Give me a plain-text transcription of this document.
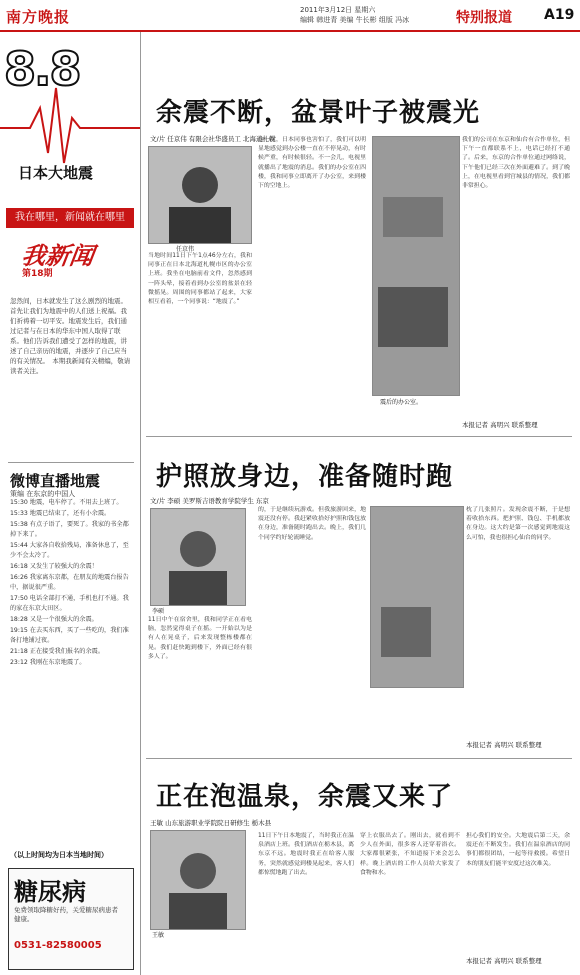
南方晚报	2011年3月12日 星期六
编辑 韩进青 美编 牛长彬 组版 冯冰	特别报道 A19
8.8
日本大地震
我在哪里，新闻就在哪里
我新闻
第18期
忽然间，日本就发生了这么剧烈的地震。首先让我们为地震中的人们送上祝福。我们祈祷着一切平安。地震发生后，我们通过记者与在日本的华东中国人取得了联系。他们告诉我们遭受了怎样的地震，讲述了自己亲历的地震，并逐步了自己应当的有关情况。　本期我新闻有关精编，敬请读者关注。
微博直播地震
策编 在东京的中国人
15:30 地震，电车停了。不用去上班了。
15:33 地震已结束了，还有小余震。
15:38 有点子语了，要死了。我家的书全都掉下来了。
15:44 大家各自收拾残局，准备休息了，至少不会太冷了。
16:18 又发生了较强大的余震！
16:26 我家离东京都，在朋友的地震台报告中，据说很严重。
17:50 电话全部打不通，手机也打不通。我的家在东京大田区。
18:28 又是一个很强大的余震。
19:15 在去买东西，买了一些吃的，我们准备打地铺过夜。
21:18 正在接受我们报名的余震。
23:12 我刚在东京地震了。
（以上时间均为日本当地时间）
糖尿病
免费领取降糖好药，关爱糖尿病患者健康。
0531-82580005
余震不断，盆景叶子被震光
文/片 任京伟 有限会社华盛员工 北海道札幌
任京伟
当地时间11日下午1点46分左右，我和同事正在日本北海道札幌市区的办公室上班。我坐在电脑前看文件，忽然感到一阵头晕，接着看到办公室的盆景在轻微摇晃。周围的同事都站了起来，大家相互看着，一个同事说：“地震了。”
这一次，日本同事也害怕了，我们可以明显地感觉到办公楼一直在不停晃动，有时候严重，有时候很轻。不一会儿，电视里就播出了地震的消息。我们的办公室在四楼，我和同事立即离开了办公室，来到楼下的空地上。
震后的办公室。
我们的公司在东京和仙台有合作单位，但下午一直都联系不上，电话已经打不通了。后来，东京的合作单位通过网络说，下午他们已经三次在外面避难了。到了晚上，在电视里看到宫城县的情况，我们都非常担心。
本报记者 高明兴 联系整理
护照放身边，准备随时跑
文/片 李硕 美罗斯吉语教育学院学生 东京
李硕
11日中午在宿舍里，我和同学正在看电脑，忽然觉得桌子在摇。一开始以为是有人在晃桌子，后来发现整栋楼都在晃。我们赶快跑到楼下，外面已经有很多人了。
的，于是继续玩游戏。但我旅游回来，地震还没有停。我赶紧收拾好护照和钱包放在身边，准备随时跑出去。晚上，我们几个同学约好轮流睡觉。
枕了几张照片。发现余震不断，于是想着收拾东西。把护照、钱包、手机都放在身边。这大约是第一次感觉到地震这么可怕，我也很担心仙台的同学。
本报记者 高明兴 联系整理
正在泡温泉，余震又来了
王敏 山东旅游职业学院院日研修生 栃木县
王敏
11日下午日本地震了，当时我正在温泉酒店上班。我们酒店在栃木县，离东京不远。地震时我正在给客人服务，突然就感觉到楼晃起来，客人们都惊慌地跑了出去。
穿上衣服出去了。刚出去，就看到不少人在外面，很多客人还穿着浴衣。大家都很紧张，不知道接下来会怎么样。晚上酒店的工作人员给大家发了食物和水。
担心我们的安全。大地震后第二天，余震还在不断发生。我们在温泉酒店的同事们都很团结，一起等待救援。希望日本的朋友们能平安度过这次难关。
本报记者 高明兴 联系整理
